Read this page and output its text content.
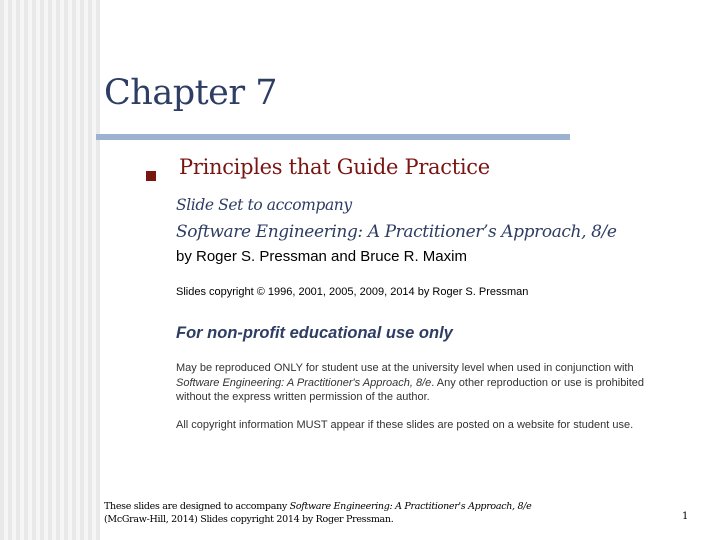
Chapter 7
Principles that Guide Practice
Slide Set to accompany
Software Engineering: A Practitioner’s Approach, 8/e
by Roger S. Pressman and Bruce R. Maxim
Slides copyright © 1996, 2001, 2005, 2009, 2014 by Roger S. Pressman
For non-profit educational use only
May be reproduced ONLY for student use at the university level when used in conjunction with Software Engineering: A Practitioner's Approach, 8/e. Any other reproduction or use is prohibited without the express written permission of the author.
All copyright information MUST appear if these slides are posted on a website for student use.
These slides are designed to accompany Software Engineering: A Practitioner's Approach, 8/e (McGraw-Hill, 2014) Slides copyright 2014 by Roger Pressman.	1
